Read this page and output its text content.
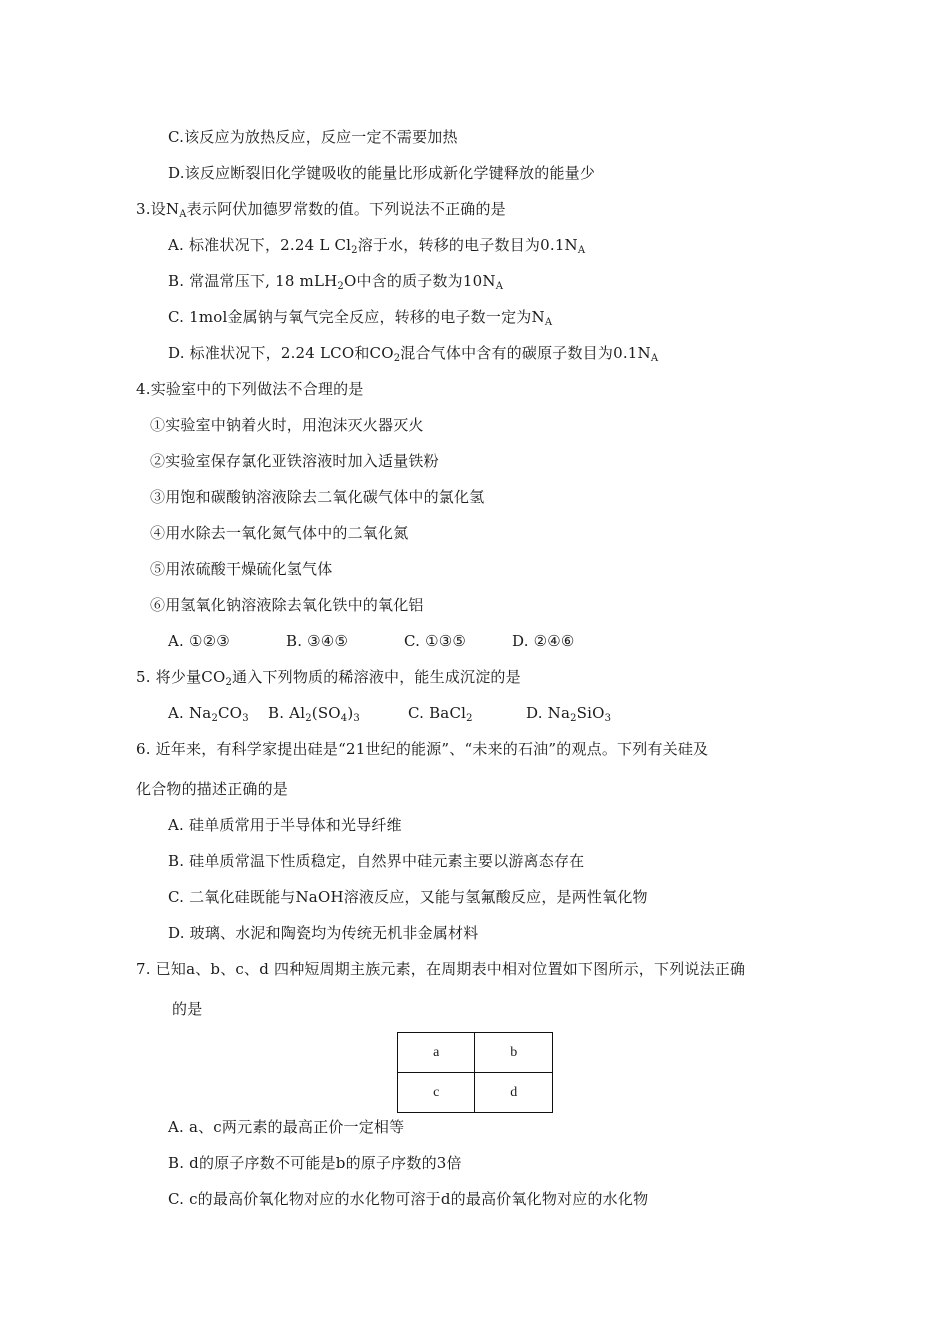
C.该反应为放热反应，反应一定不需要加热
D.该反应断裂旧化学键吸收的能量比形成新化学键释放的能量少
3.设$N_A$表示阿伏加德罗常数的值。下列说法不正确的是
A. 标准状况下，2.24 L $Cl_2$溶于水，转移的电子数目为$0.1N_A$
B. 常温常压下, 18 mLH$_2$O中含的质子数为$10N_A$
C. 1mol金属钠与氧气完全反应，转移的电子数一定为$N_A$
D. 标准状况下，2.24 LCO和$CO_2$混合气体中含有的碳原子数目为$0.1N_A$
4.实验室中的下列做法不合理的是
①实验室中钠着火时，用泡沫灭火器灭火
②实验室保存氯化亚铁溶液时加入适量铁粉
③用饱和碳酸钠溶液除去二氧化碳气体中的氯化氢
④用水除去一氧化氮气体中的二氧化氮
⑤用浓硫酸干燥硫化氢气体
⑥用氢氧化钠溶液除去氧化铁中的氧化铝
A. ①②③	B. ③④⑤	C. ①③⑤	D. ②④⑥
5. 将少量$CO_2$通入下列物质的稀溶液中，能生成沉淀的是
A. $Na_2CO_3$ B. $Al_2(SO_4)_3$	C. BaCl$_2$	D. $Na_2SiO_3$
6. 近年来，有科学家提出硅是“21世纪的能源”、“未来的石油”的观点。下列有关硅及
化合物的描述正确的是
A. 硅单质常用于半导体和光导纤维
B. 硅单质常温下性质稳定，自然界中硅元素主要以游离态存在
C. 二氧化硅既能与NaOH溶液反应，又能与氢氟酸反应，是两性氧化物
D. 玻璃、水泥和陶瓷均为传统无机非金属材料
7. 已知a、b、c、d 四种短周期主族元素，在周期表中相对位置如下图所示，下列说法正确
的是
a	b
c	d
A. a、c两元素的最高正价一定相等
B. d的原子序数不可能是b的原子序数的3倍
C. c的最高价氧化物对应的水化物可溶于d的最高价氧化物对应的水化物
